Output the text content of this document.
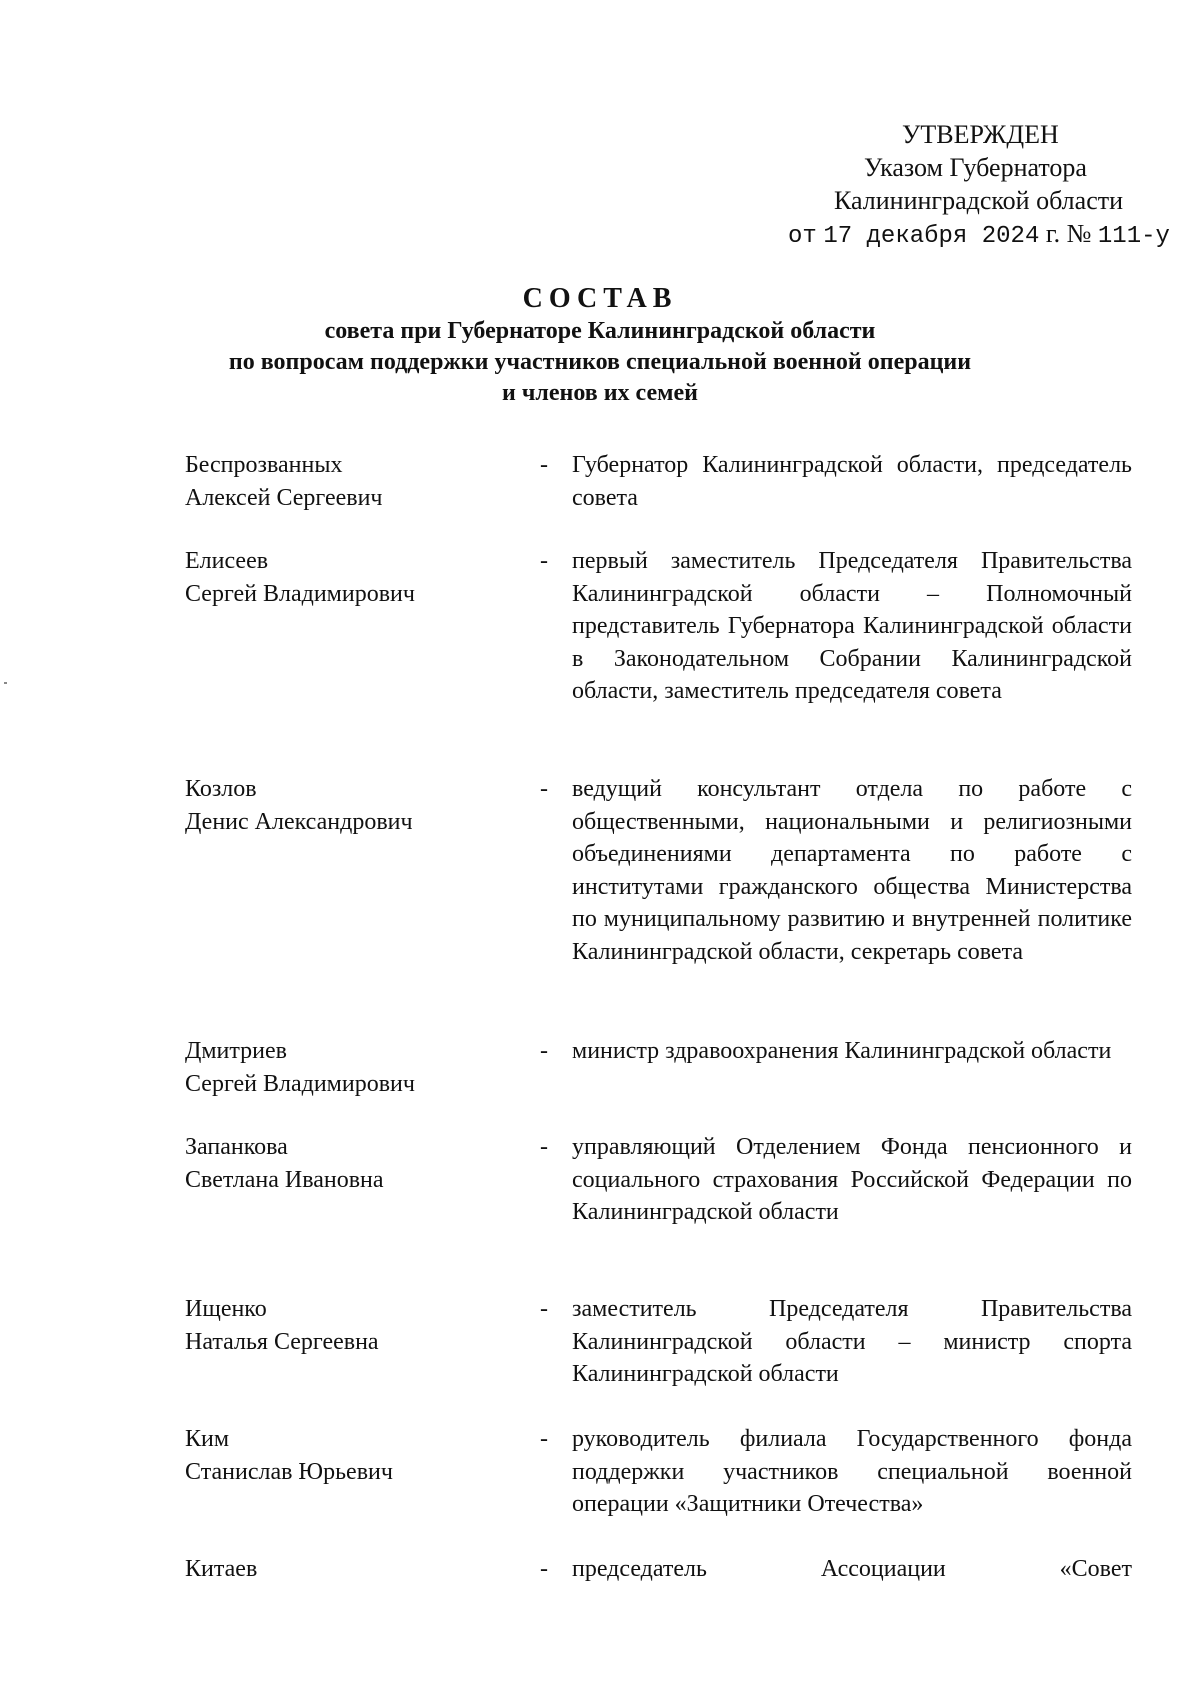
УТВЕРЖДЕН
Указом Губернатора
Калининградской области
от 17 декабря 2024 г. № 111-у
СОСТАВ
совета при Губернаторе Калининградской области
по вопросам поддержки участников специальной военной операции
и членов их семей
Беспрозванных
Алексей Сергеевич
-	Губернатор Калининградской области, председатель совета
Елисеев
Сергей Владимирович
-	первый заместитель Председателя Правительства Калининградской области – Полномочный представитель Губернатора Калининградской области в Законодательном Собрании Калининградской области, заместитель председателя совета
Козлов
Денис Александрович
-	ведущий консультант отдела по работе с общественными, национальными и религиозными объединениями департамента по работе с институтами гражданского общества Министерства по муниципальному развитию и внутренней политике Калининградской области, секретарь совета
Дмитриев
Сергей Владимирович
-	министр здравоохранения Калининградской области
Запанкова
Светлана Ивановна
-	управляющий Отделением Фонда пенсионного и социального страхования Российской Федерации по Калининградской области
Ищенко
Наталья Сергеевна
-	заместитель Председателя Правительства Калининградской области – министр спорта Калининградской области
Ким
Станислав Юрьевич
-	руководитель филиала Государственного фонда поддержки участников специальной военной операции «Защитники Отечества»
Китаев	-	председатель Ассоциации «Совет
